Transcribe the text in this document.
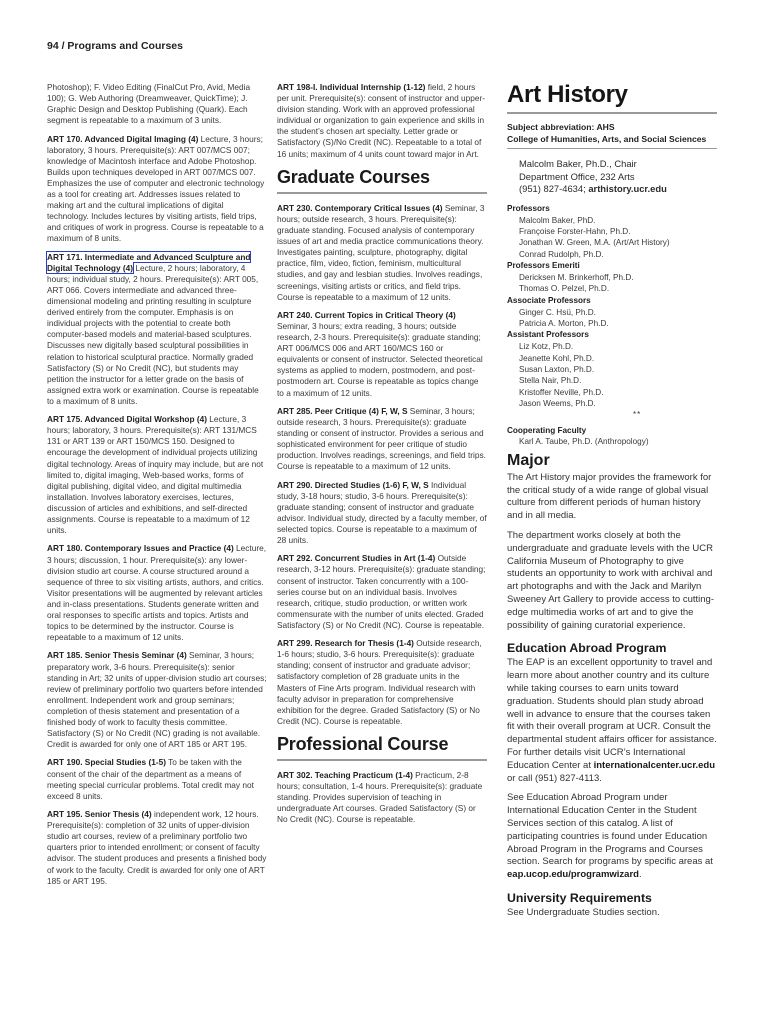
94 / Programs and Courses

Photoshop); F. Video Editing (FinalCut Pro, Avid, Media 100); G. Web Authoring (Dreamweaver, QuickTime); J. Graphic Design and Desktop Publishing (Quark). Each segment is repeatable to a maximum of 3 units.

ART 170. Advanced Digital Imaging (4) Lecture, 3 hours; laboratory, 3 hours. Prerequisite(s): ART 007/MCS 007; knowledge of Macintosh interface and Adobe Photoshop. Builds upon techniques developed in ART 007/MCS 007. Emphasizes the use of computer and electronic technology as a tool for creating art. Addresses issues related to making art and the cultural implications of digital technology. Includes lectures by visiting artists, field trips, and critiques of work in progress. Course is repeatable to a maximum of 8 units.

ART 171. Intermediate and Advanced Sculpture and Digital Technology (4) Lecture, 2 hours; laboratory, 4 hours; individual study, 2 hours. Prerequisite(s): ART 005, ART 066. Covers intermediate and advanced three-dimensional modeling and printing resulting in sculpture derived entirely from the computer. Emphasis is on individual projects with the potential to create both computer-based models and material-based sculptures. Discusses new digitally based sculptural possibilities in relation to historical sculptural practice. Normally graded Satisfactory (S) or No Credit (NC), but students may petition the instructor for a letter grade on the basis of assigned extra work or examination. Course is repeatable to a maximum of 8 units.

ART 175. Advanced Digital Workshop (4) Lecture, 3 hours; laboratory, 3 hours. Prerequisite(s): ART 131/MCS 131 or ART 139 or ART 150/MCS 150. Designed to encourage the development of individual projects utilizing digital technology. Areas of inquiry may include, but are not limited to, digital imaging, Web-based works, forms of digital publishing, digital video, and digital multimedia installation. Involves laboratory exercises, lectures, discussion of articles and exhibitions, and self-directed assignments. Course is repeatable to a maximum of 12 units.

ART 180. Contemporary Issues and Practice (4) Lecture, 3 hours; discussion, 1 hour. Prerequisite(s): any lower-division studio art course. A course structured around a sequence of three to six visiting artists, authors, and critics. Visitor presentations will be augmented by relevant articles and in-class presentations. Students generate written and oral responses to specific artists and topics. Artists and topics to be determined by the instructor. Course is repeatable to a maximum of 12 units.

ART 185. Senior Thesis Seminar (4) Seminar, 3 hours; preparatory work, 3-6 hours. Prerequisite(s): senior standing in Art; 32 units of upper-division studio art courses; review of preliminary portfolio two quarters before intended enrollment. Independent work and group seminars; completion of thesis statement and presentation of a finished body of work to faculty thesis committee. Satisfactory (S) or No Credit (NC) grading is not available. Credit is awarded for only one of ART 185 or ART 195.

ART 190. Special Studies (1-5) To be taken with the consent of the chair of the department as a means of meeting special curricular problems. Total credit may not exceed 8 units.

ART 195. Senior Thesis (4) independent work, 12 hours. Prerequisite(s): completion of 32 units of upper-division studio art courses, review of a preliminary portfolio two quarters prior to intended enrollment; or consent of faculty advisor. The student produces and presents a finished body of work to the faculty. Credit is awarded for only one of ART 185 or ART 195.

ART 198-I. Individual Internship (1-12) field, 2 hours per unit. Prerequisite(s): consent of instructor and upper-division standing. Work with an approved professional individual or organization to gain experience and skills in the student’s chosen art specialty. Letter grade or Satisfactory (S)/No Credit (NC). Repeatable to a total of 16 units; maximum of 4 units count toward major in Art.

Graduate Courses

ART 230. Contemporary Critical Issues (4) Seminar, 3 hours; outside research, 3 hours. Prerequisite(s): graduate standing. Focused analysis of contemporary issues of art and media practice communications theory. Investigates painting, sculpture, photography, digital practice, film, video, fiction, feminism, multicultural studies, and gay and lesbian studies. Involves readings, screenings, visiting artists or critics, and field trips. Course is repeatable to a maximum of 12 units.

ART 240. Current Topics in Critical Theory (4) Seminar, 3 hours; extra reading, 3 hours; outside research, 2-3 hours. Prerequisite(s): graduate standing; ART 006/MCS 006 and ART 160/MCS 160 or equivalents or consent of instructor. Selected theoretical systems as applied to modern, postmodern, and post-postmodern art. Course is repeatable as topics change to a maximum of 12 units.

ART 285. Peer Critique (4) F, W, S Seminar, 3 hours; outside research, 3 hours. Prerequisite(s): graduate standing or consent of instructor. Provides a serious and sophisticated environment for peer critique of studio production. Involves readings, screenings, and field trips. Course is repeatable to a maximum of 12 units.

ART 290. Directed Studies (1-6) F, W, S Individual study, 3-18 hours; studio, 3-6 hours. Prerequisite(s): graduate standing; consent of instructor and graduate advisor. Individual study, directed by a faculty member, of selected topics. Course is repeatable to a maximum of 28 units.

ART 292. Concurrent Studies in Art (1-4) Outside research, 3-12 hours. Prerequisite(s): graduate standing; consent of instructor. Taken concurrently with a 100-series course but on an individual basis. Involves research, critique, studio production, or written work commensurate with the number of units elected. Graded Satisfactory (S) or No Credit (NC). Course is repeatable.

ART 299. Research for Thesis (1-4) Outside research, 1-6 hours; studio, 3-6 hours. Prerequisite(s): graduate standing; consent of instructor and graduate advisor; satisfactory completion of 28 graduate units in the Masters of Fine Arts program. Individual research with faculty advisor in preparation for comprehensive exhibition for the degree. Graded Satisfactory (S) or No Credit (NC). Course is repeatable.

Professional Course

ART 302. Teaching Practicum (1-4) Practicum, 2-8 hours; consultation, 1-4 hours. Prerequisite(s): graduate standing. Provides supervision of teaching in undergraduate Art courses. Graded Satisfactory (S) or No Credit (NC). Course is repeatable.

Art History
Subject abbreviation: AHS
College of Humanities, Arts, and Social Sciences
Malcolm Baker, Ph.D., Chair
Department Office, 232 Arts
(951) 827-4634; arthistory.ucr.edu
Professors
Malcolm Baker, PhD.
Françoise Forster-Hahn, Ph.D.
Jonathan W. Green, M.A. (Art/Art History)
Conrad Rudolph, Ph.D.
Professors Emeriti
Dericksen M. Brinkerhoff, Ph.D.
Thomas O. Pelzel, Ph.D.
Associate Professors
Ginger C. Hsü, Ph.D.
Patricia A. Morton, Ph.D.
Assistant Professors
Liz Kotz, Ph.D.
Jeanette Kohl, Ph.D.
Susan Laxton, Ph.D.
Stella Nair, Ph.D.
Kristoffer Neville, Ph.D.
Jason Weems, Ph.D.
**
Cooperating Faculty
Karl A. Taube, Ph.D. (Anthropology)
Major

The Art History major provides the framework for the critical study of a wide range of global visual culture from different periods of human history and in all media.

The department works closely at both the undergraduate and graduate levels with the UCR California Museum of Photography to give students an opportunity to work with archival and art photographs and with the Jack and Marilyn Sweeney Art Gallery to provide access to cutting-edge multimedia works of art and to give the possibility of gaining curatorial experience.

Education Abroad Program

The EAP is an excellent opportunity to travel and learn more about another country and its culture while taking courses to earn units toward graduation. Students should plan study abroad well in advance to ensure that the courses taken fit with their overall program at UCR. Consult the departmental student affairs officer for assistance. For further details visit UCR’s International Education Center at internationalcenter.ucr.edu or call (951) 827-4113.

See Education Abroad Program under International Education Center in the Student Services section of this catalog. A list of participating countries is found under Education Abroad Program in the Programs and Courses section. Search for programs by specific areas at eap.ucop.edu/programwizard.

University Requirements

See Undergraduate Studies section.
